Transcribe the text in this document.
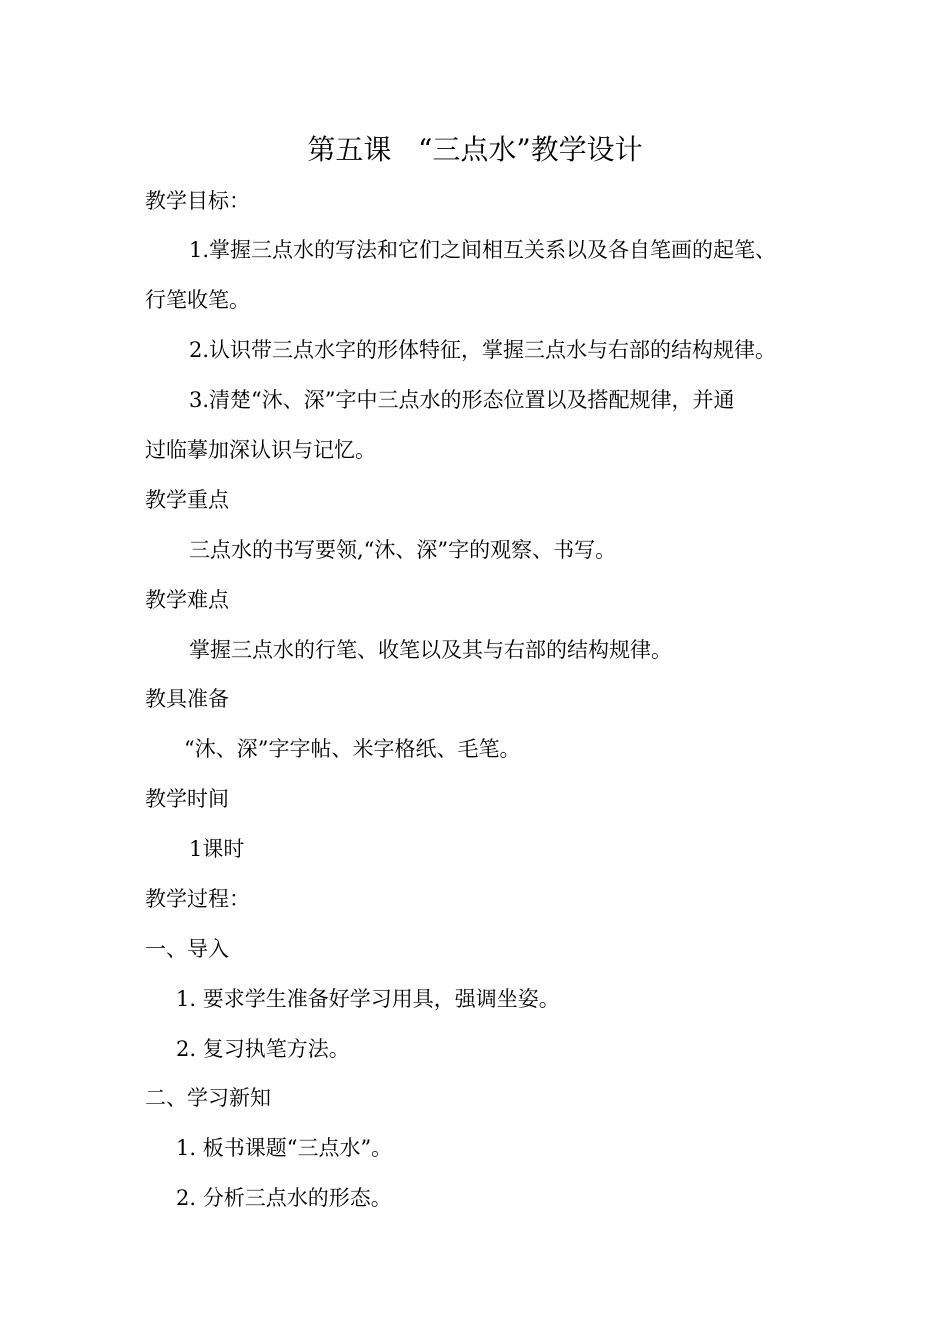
第五课   “三点水”教学设计
教学目标：
1.掌握三点水的写法和它们之间相互关系以及各自笔画的起笔、
行笔收笔。
2.认识带三点水字的形体特征，掌握三点水与右部的结构规律。
3.清楚“沐、深”字中三点水的形态位置以及搭配规律，并通
过临摹加深认识与记忆。
教学重点
三点水的书写要领,“沐、深”字的观察、书写。
教学难点
掌握三点水的行笔、收笔以及其与右部的结构规律。
教具准备
“沐、深”字字帖、米字格纸、毛笔。
教学时间
1课时
教学过程：
一、导入
1. 要求学生准备好学习用具，强调坐姿。
2. 复习执笔方法。
二、学习新知
1. 板书课题“三点水”。
2. 分析三点水的形态。
